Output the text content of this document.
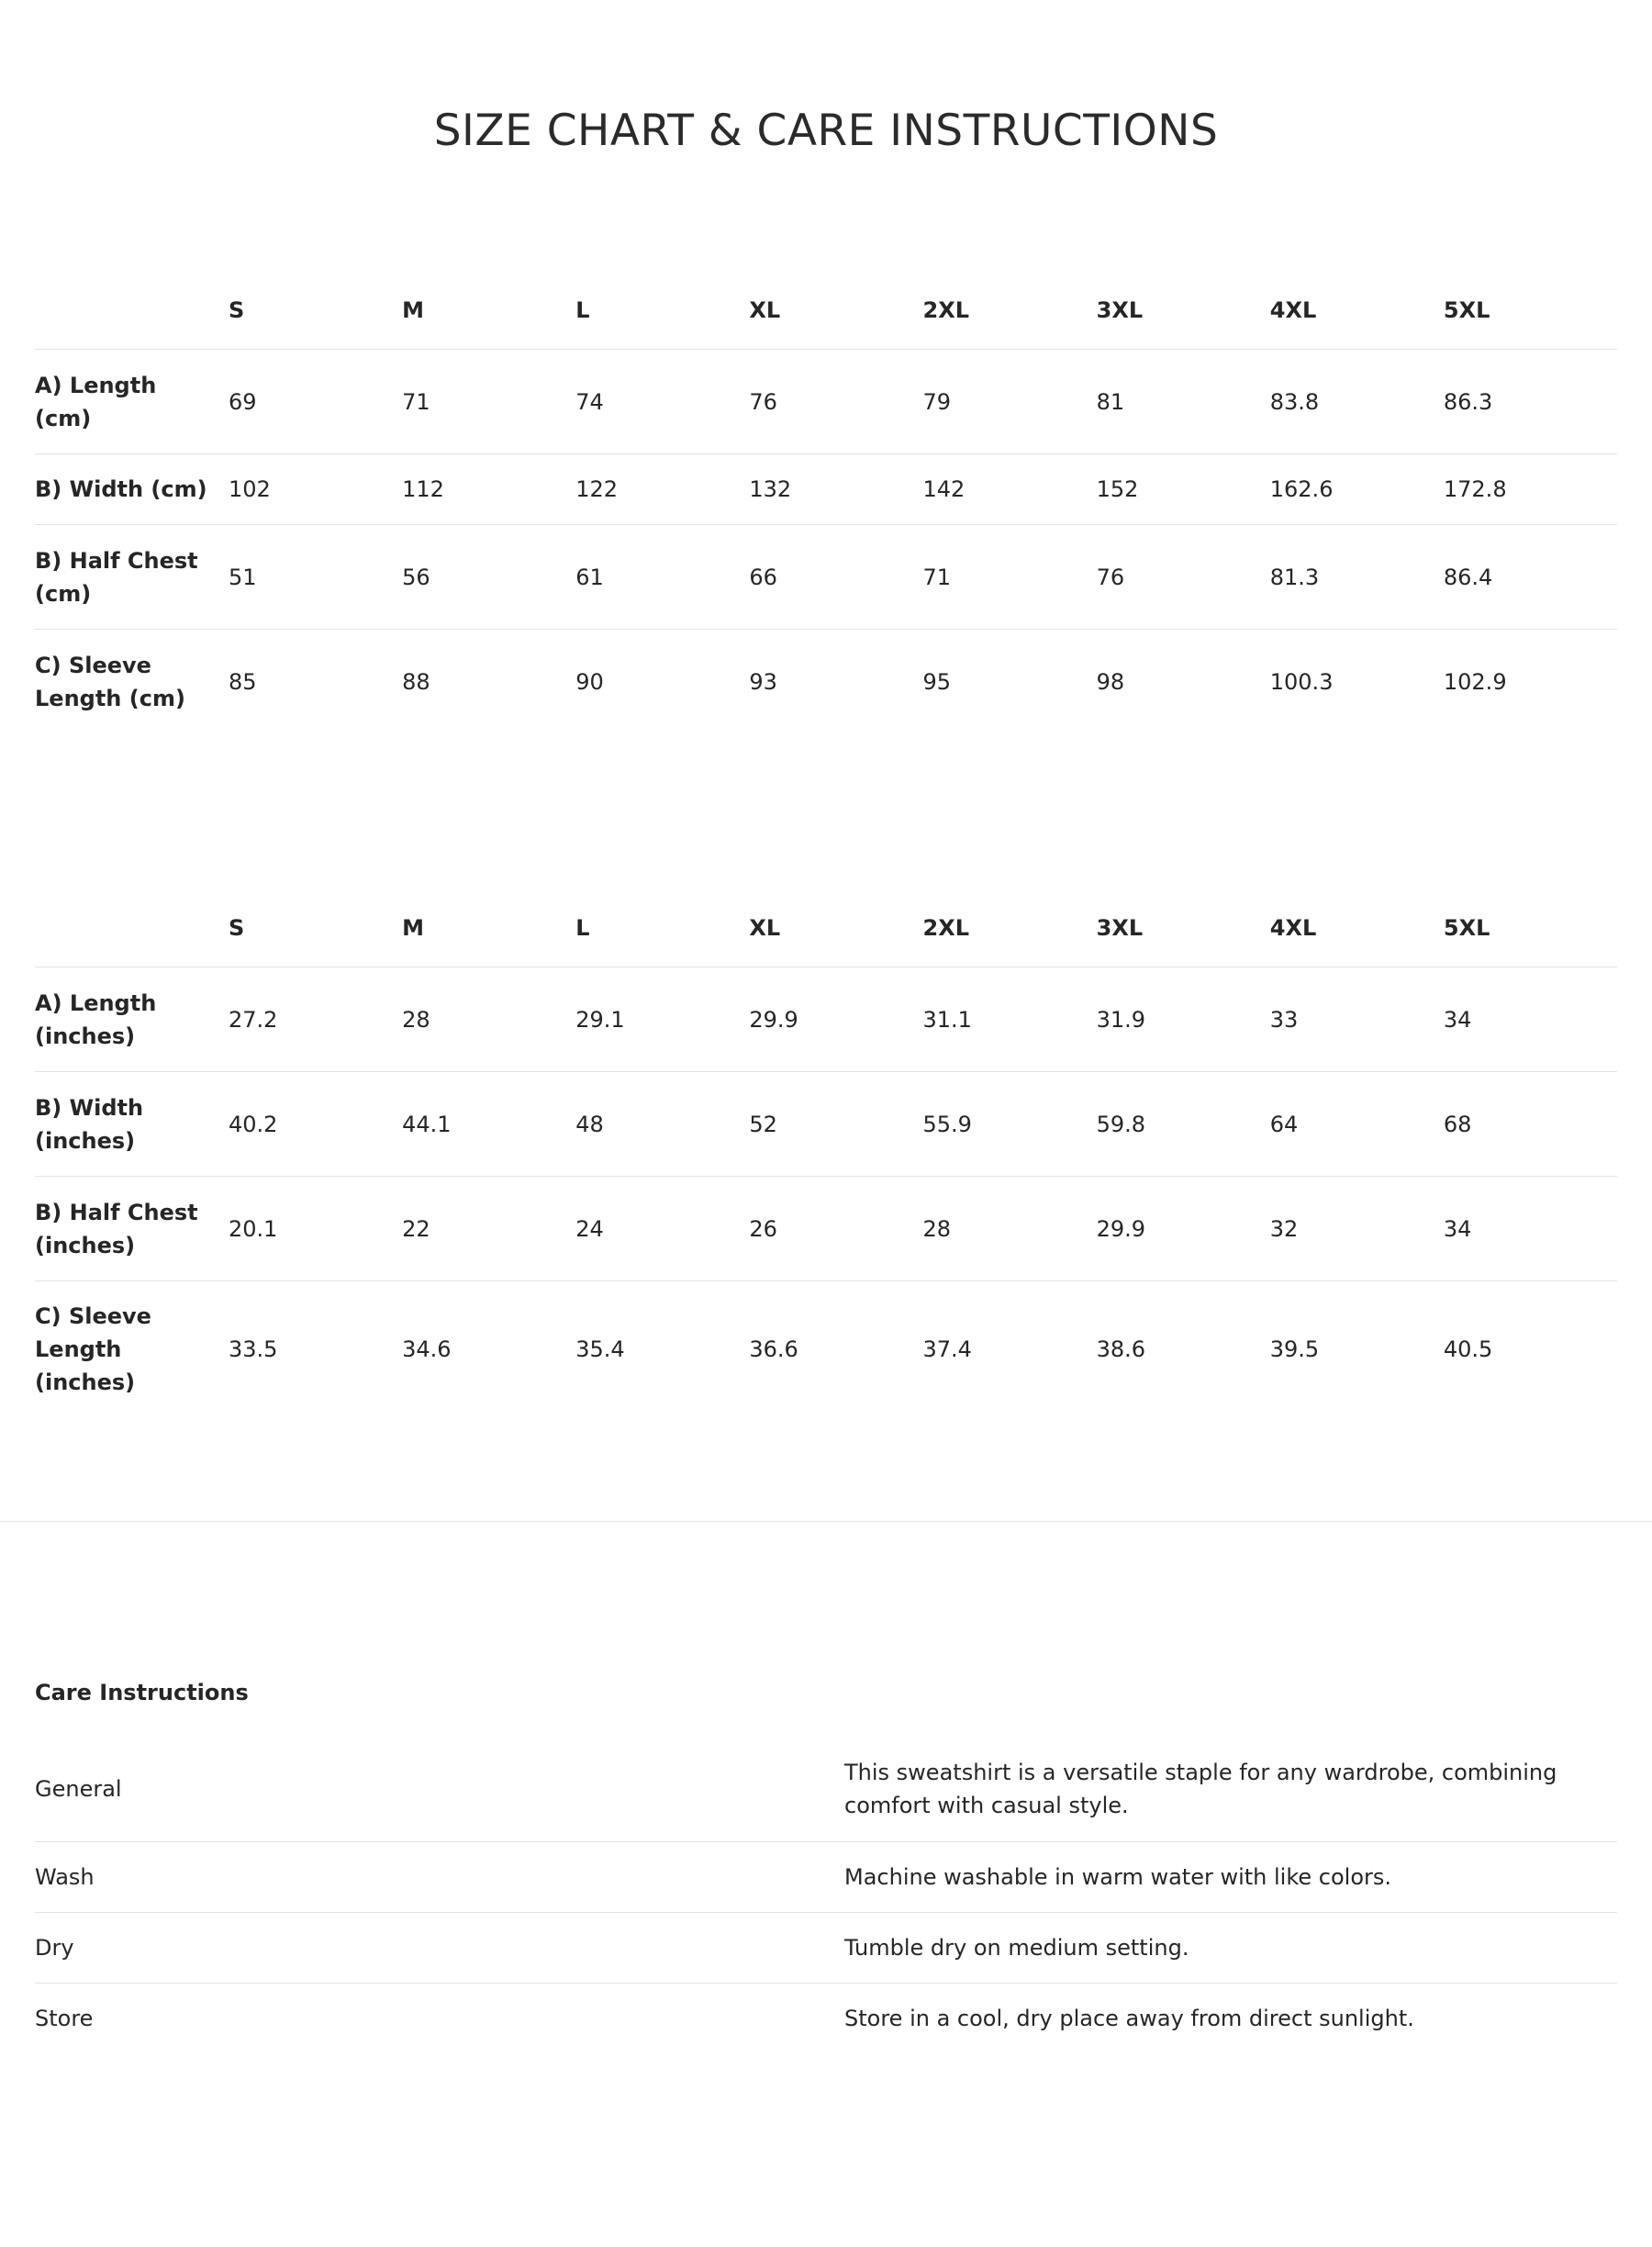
SIZE CHART & CARE INSTRUCTIONS
	S	M	L	XL	2XL	3XL	4XL	5XL
A) Length (cm)	69	71	74	76	79	81	83.8	86.3
B) Width (cm)	102	112	122	132	142	152	162.6	172.8
B) Half Chest (cm)	51	56	61	66	71	76	81.3	86.4
C) Sleeve Length (cm)	85	88	90	93	95	98	100.3	102.9
	S	M	L	XL	2XL	3XL	4XL	5XL
A) Length (inches)	27.2	28	29.1	29.9	31.1	31.9	33	34
B) Width (inches)	40.2	44.1	48	52	55.9	59.8	64	68
B) Half Chest (inches)	20.1	22	24	26	28	29.9	32	34
C) Sleeve Length (inches)	33.5	34.6	35.4	36.6	37.4	38.6	39.5	40.5
Care Instructions
General	This sweatshirt is a versatile staple for any wardrobe, combining comfort with casual style.
Wash	Machine washable in warm water with like colors.
Dry	Tumble dry on medium setting.
Store	Store in a cool, dry place away from direct sunlight.
